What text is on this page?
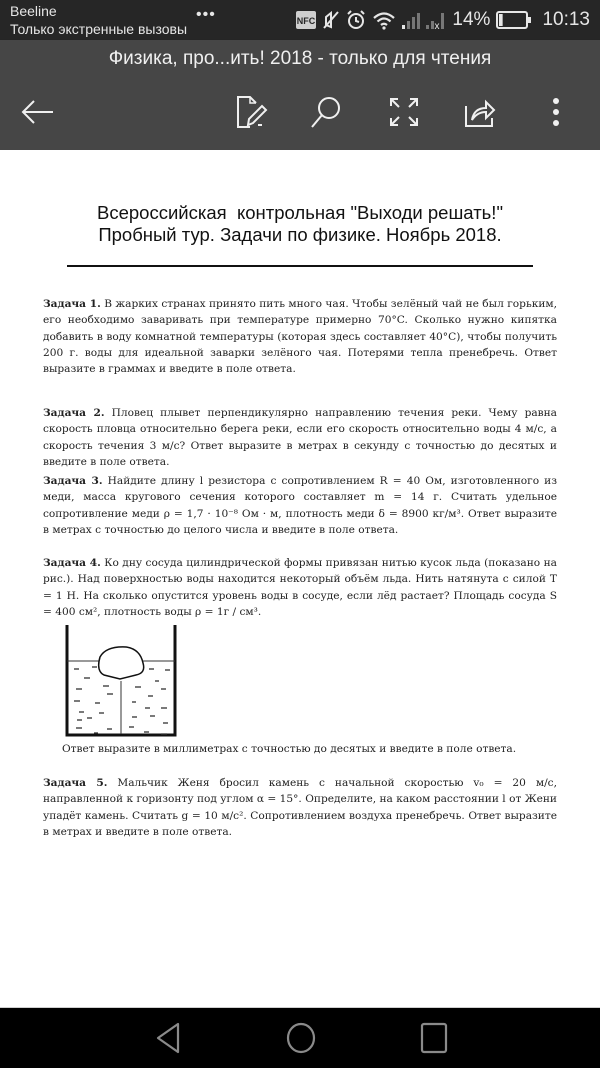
Beeline
Только экстренные вызовы
•••	NFC	x 14%	10:13
Физика, про...ить! 2018 - только для чтения
Всероссийская  контрольная "Выходи решать!"
Пробный тур. Задачи по физике. Ноябрь 2018.
Задача 1. В жарких странах принято пить много чая. Чтобы зелёный чай не был горьким, его необходимо заваривать при температуре примерно 70°C. Сколько нужно кипятка добавить в воду комнатной температуры (которая здесь составляет 40°C), чтобы получить 200 г. воды для идеальной заварки зелёного чая. Потерями тепла пренебречь. Ответ выразите в граммах и введите в поле ответа.
Задача 2. Пловец плывет перпендикулярно направлению течения реки. Чему равна скорость пловца относительно берега реки, если его скорость относительно воды 4 м/с, а скорость течения 3 м/с? Ответ выразите в метрах в секунду с точностью до десятых и введите в поле ответа.
Задача 3. Найдите длину l резистора с сопротивлением R = 40 Ом, изготовленного из меди, масса кругового сечения которого составляет m = 14 г. Считать удельное сопротивление меди ρ = 1,7 · 10⁻⁸ Ом · м, плотность меди δ = 8900 кг/м³. Ответ выразите в метрах с точностью до целого числа и введите в поле ответа.
Задача 4. Ко дну сосуда цилиндрической формы привязан нитью кусок льда (показано на рис.). Над поверхностью воды находится некоторый объём льда. Нить натянута с силой T = 1 Н. На сколько опустится уровень воды в сосуде, если лёд растает? Площадь сосуда S = 400 см², плотность воды ρ = 1г / см³.
Задача 5. Мальчик Женя бросил камень с начальной скоростью v₀ = 20 м/с, направленной к горизонту под углом α = 15°. Определите, на каком расстоянии l от Жени упадёт камень. Считать g = 10 м/с². Сопротивлением воздуха пренебречь. Ответ выразите в метрах и введите в поле ответа.
Ответ выразите в миллиметрах с точностью до десятых и введите в поле ответа.
